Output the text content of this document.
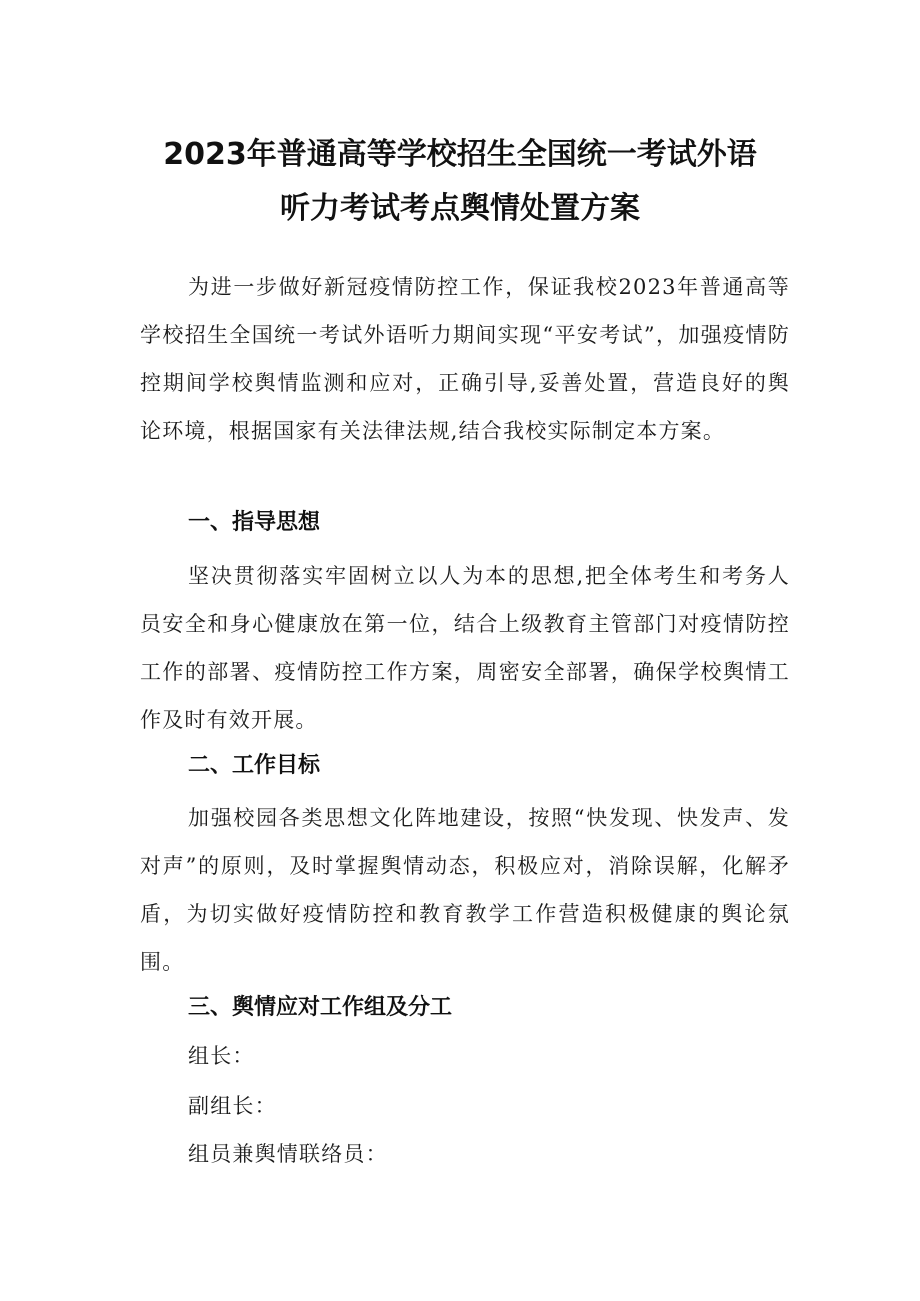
2023年普通高等学校招生全国统一考试外语
听力考试考点舆情处置方案

为进一步做好新冠疫情防控工作，保证我校2023年普通高等学校招生全国统一考试外语听力期间实现“平安考试”，加强疫情防控期间学校舆情监测和应对，正确引导,妥善处置，营造良好的舆论环境，根据国家有关法律法规,结合我校实际制定本方案。

一、指导思想

坚决贯彻落实牢固树立以人为本的思想,把全体考生和考务人员安全和身心健康放在第一位，结合上级教育主管部门对疫情防控工作的部署、疫情防控工作方案，周密安全部署，确保学校舆情工作及时有效开展。

二、工作目标

加强校园各类思想文化阵地建设，按照“快发现、快发声、发对声”的原则，及时掌握舆情动态，积极应对，消除误解，化解矛盾，为切实做好疫情防控和教育教学工作营造积极健康的舆论氛围。

三、舆情应对工作组及分工

组长：

副组长：

组员兼舆情联络员：
